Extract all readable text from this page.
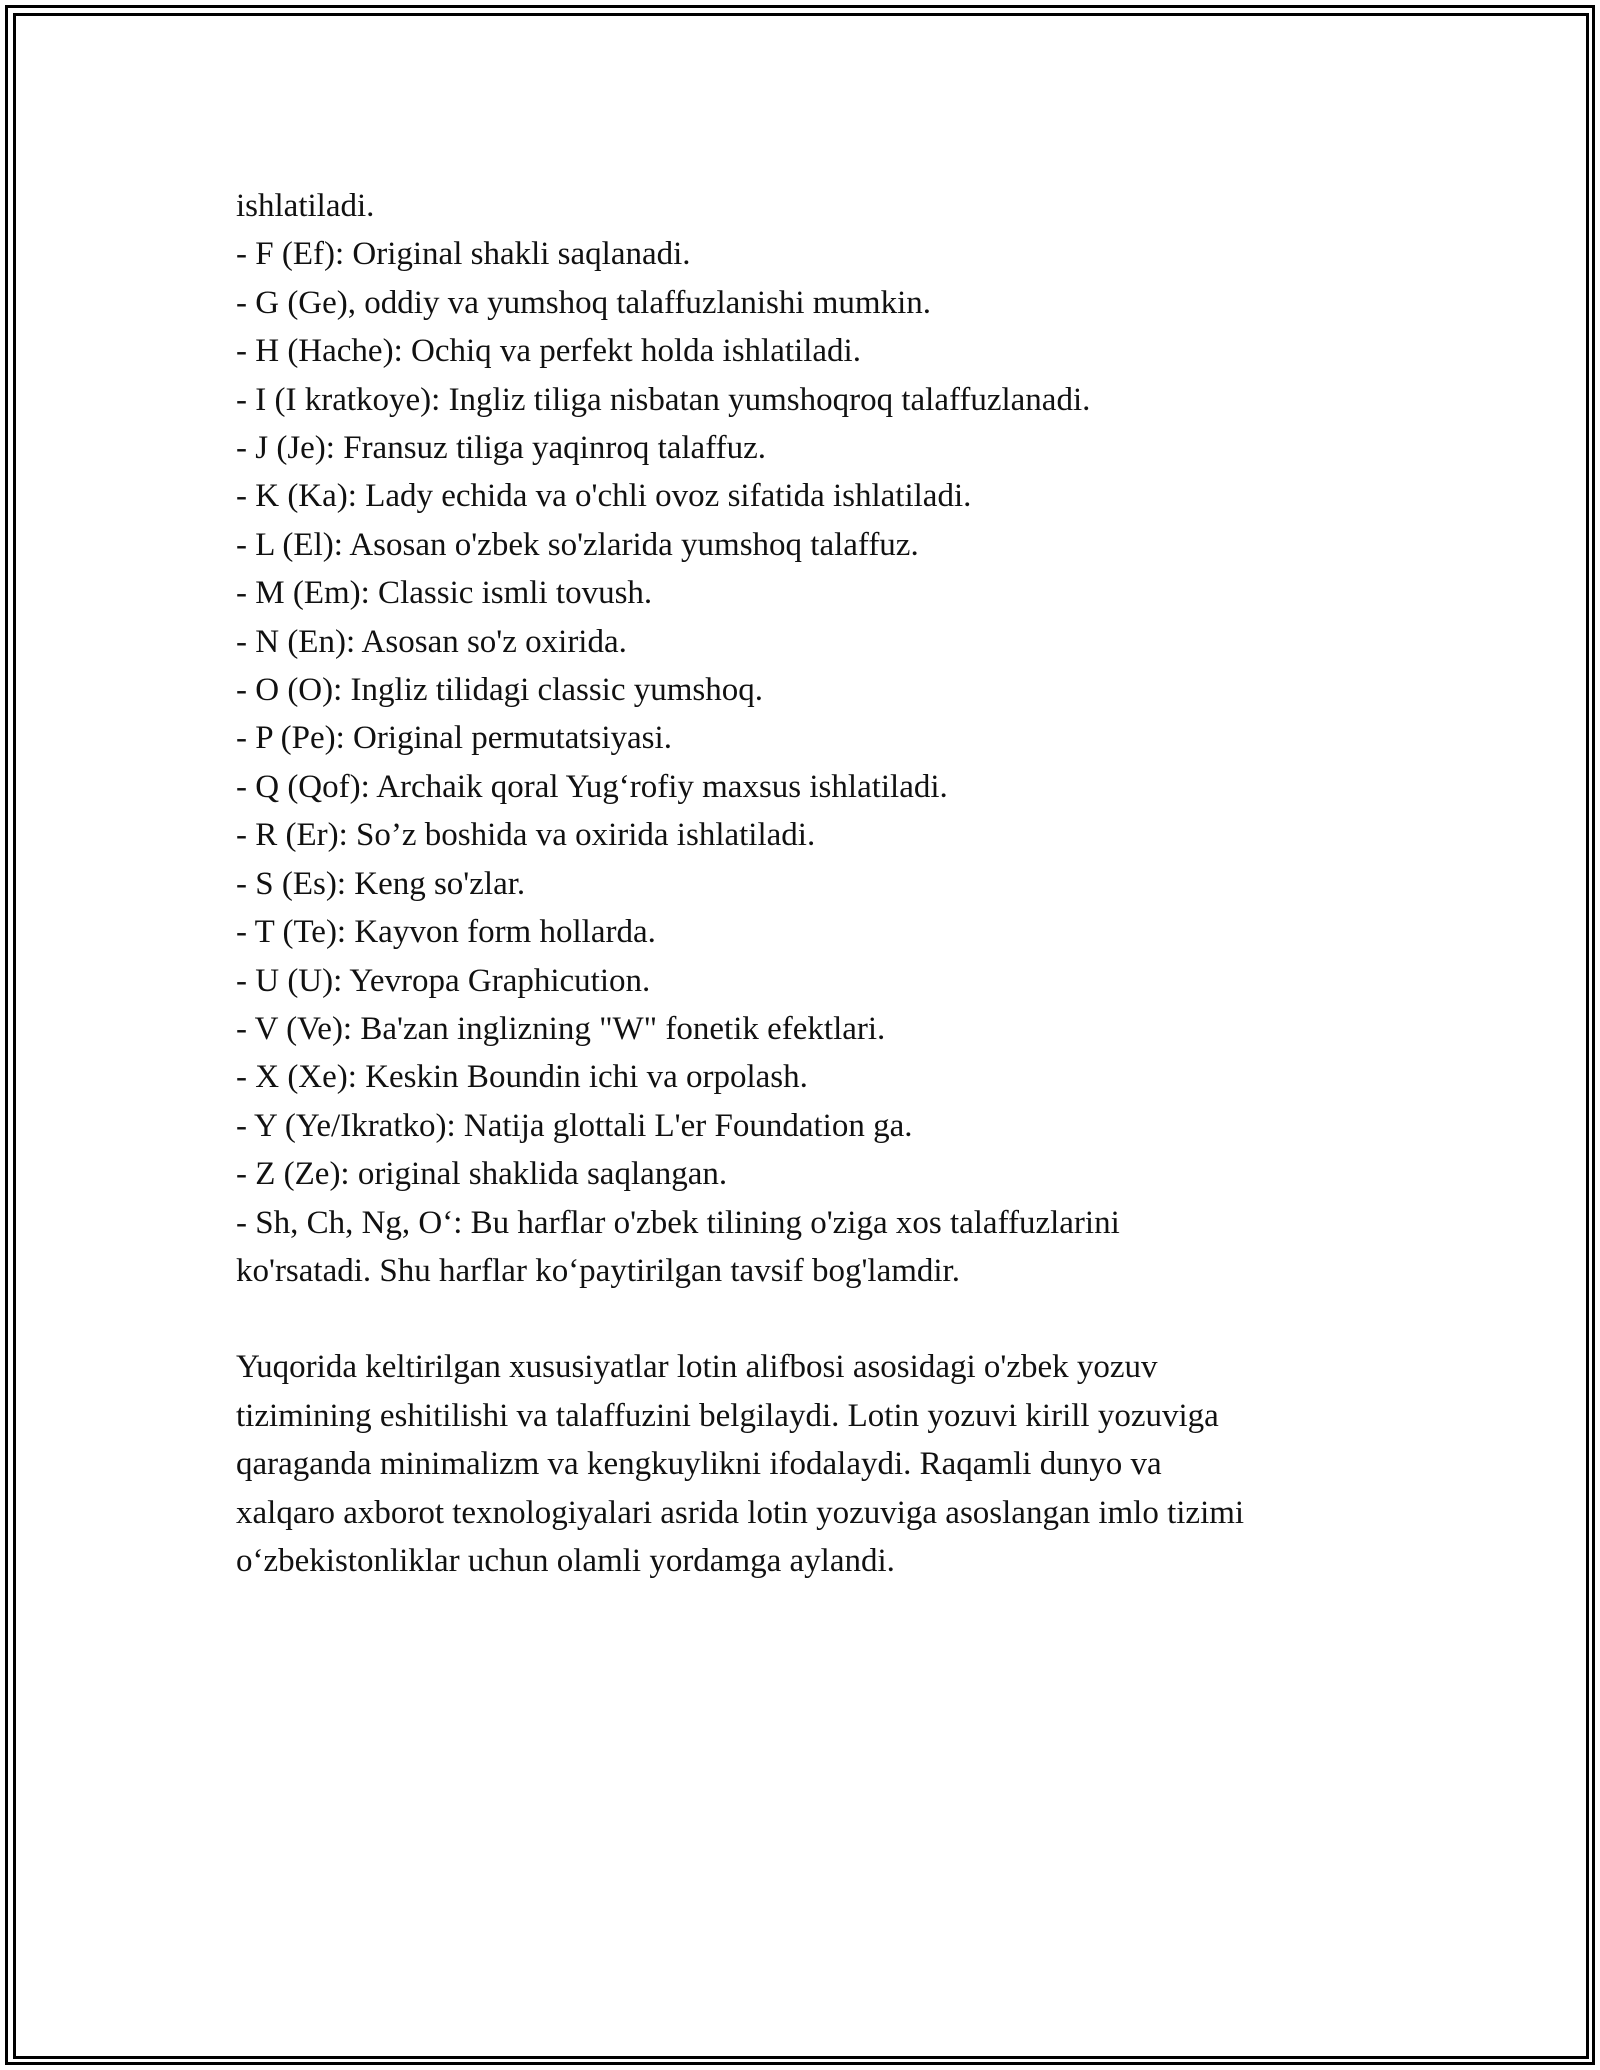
ishlatiladi.
- F (Ef): Original shakli saqlanadi.
- G (Ge), oddiy va yumshoq talaffuzlanishi mumkin.
- H (Hache): Ochiq va perfekt holda ishlatiladi.
- I (I kratkoye): Ingliz tiliga nisbatan yumshoqroq talaffuzlanadi.
- J (Je): Fransuz tiliga yaqinroq talaffuz.
- K (Ka): Lady echida va o'chli ovoz sifatida ishlatiladi.
- L (El): Asosan o'zbek so'zlarida yumshoq talaffuz.
- M (Em): Classic ismli tovush.
- N (En): Asosan so'z oxirida.
- O (O): Ingliz tilidagi classic yumshoq.
- P (Pe): Original permutatsiyasi.
- Q (Qof): Archaik qoral Yug‘rofiy maxsus ishlatiladi.
- R (Er): So’z boshida va oxirida ishlatiladi.
- S (Es): Keng so'zlar.
- T (Te): Kayvon form hollarda.
- U (U): Yevropa Graphicution.
- V (Ve): Ba'zan inglizning "W" fonetik efektlari.
- X (Xe): Keskin Boundin ichi va orpolash.
- Y (Ye/Ikratko): Natija glottali L'er Foundation ga.
- Z (Ze): original shaklida saqlangan.
- Sh, Ch, Ng, O‘: Bu harflar o'zbek tilining o'ziga xos talaffuzlarini
ko'rsatadi. Shu harflar ko‘paytirilgan tavsif bog'lamdir.
Yuqorida keltirilgan xususiyatlar lotin alifbosi asosidagi o'zbek yozuv
tizimining eshitilishi va talaffuzini belgilaydi. Lotin yozuvi kirill yozuviga
qaraganda minimalizm va kengkuylikni ifodalaydi. Raqamli dunyo va
xalqaro axborot texnologiyalari asrida lotin yozuviga asoslangan imlo tizimi
o‘zbekistonliklar uchun olamli yordamga aylandi.
